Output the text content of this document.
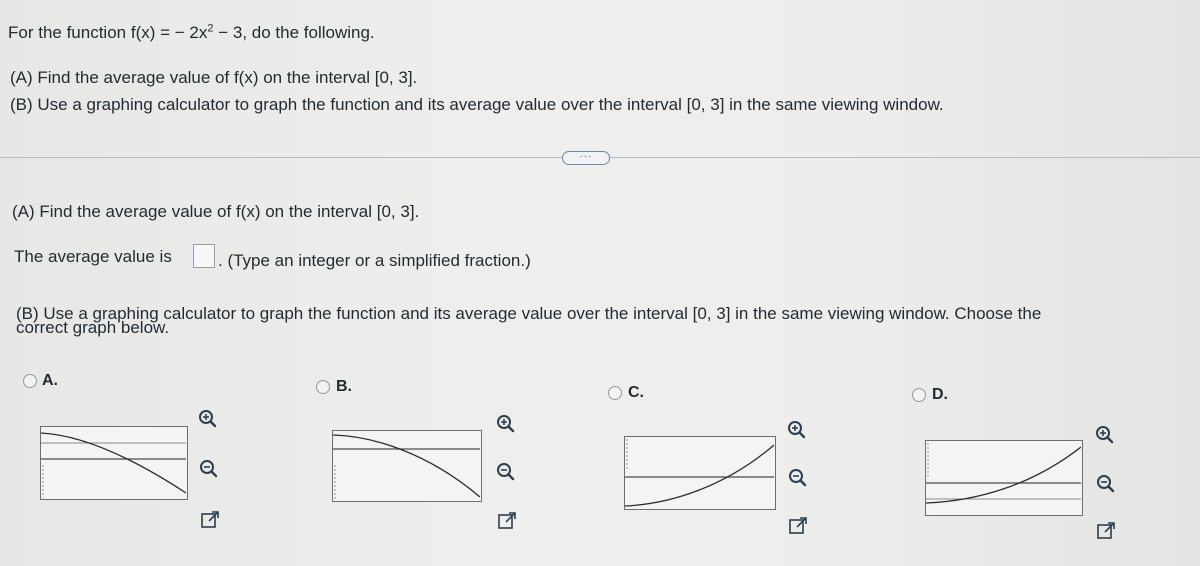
For the function f(x) = − $2x^2 - 3$, do the following.
(A) Find the average value of f(x) on the interval [0, 3].
(B) Use a graphing calculator to graph the function and its average value over the interval [0, 3] in the same viewing window.
···
(A) Find the average value of f(x) on the interval [0, 3].
The average value is	. (Type an integer or a simplified fraction.)
(B) Use a graphing calculator to graph the function and its average value over the interval [0, 3] in the same viewing window. Choose the
correct graph below.
A.	B.	C.	D.
